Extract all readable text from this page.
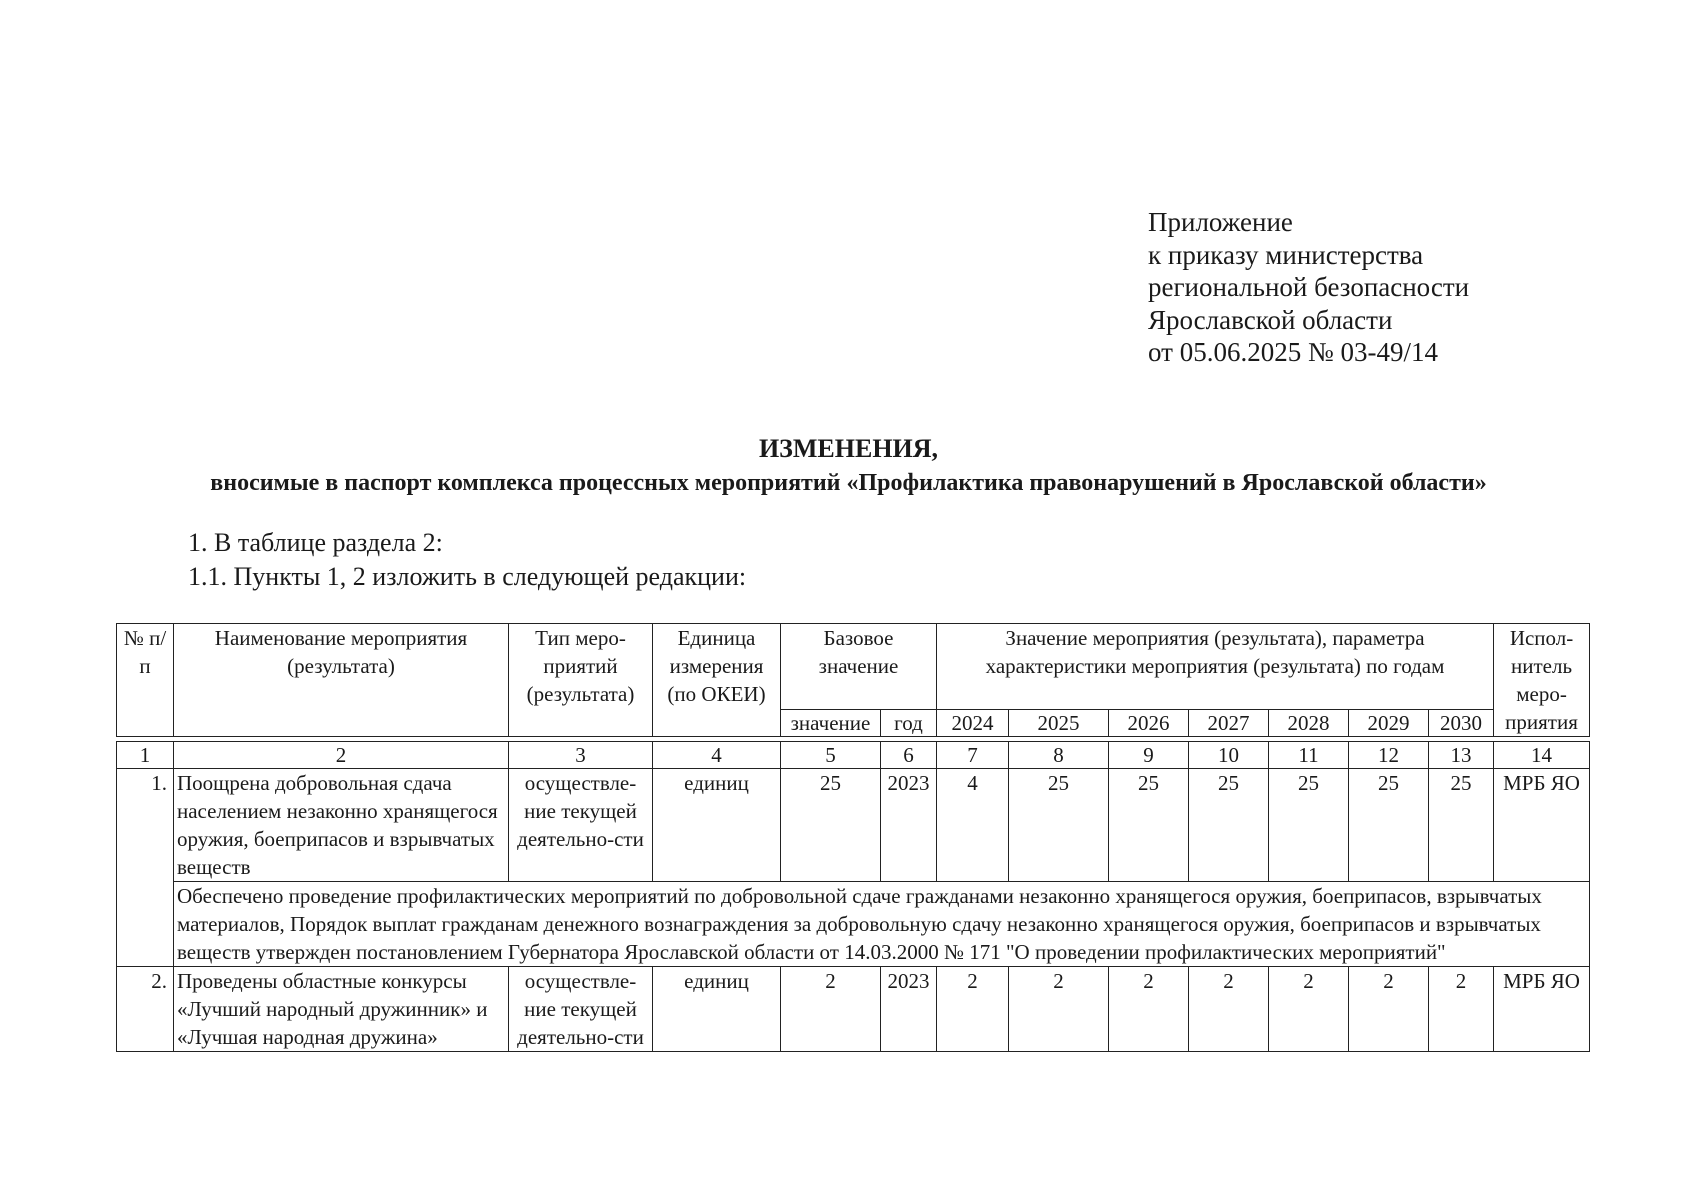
Приложение
к приказу министерства
региональной безопасности
Ярославской области
от 05.06.2025 № 03-49/14
ИЗМЕНЕНИЯ,
вносимые в паспорт комплекса процессных мероприятий «Профилактика правонарушений в Ярославской области»
1. В таблице раздела 2:
1.1. Пункты 1, 2 изложить в следующей редакции:
№ п/п	Наименование мероприятия (результата)	Тип меро-приятий (результата)	Единица измерения (по ОКЕИ)	Базовое значение		Значение мероприятия (результата), параметра характеристики мероприятия (результата) по годам							Испол-нитель меро-приятия
				значение	год	2024	2025	2026	2027	2028	2029	2030	

1	2	3	4	5	6	7	8	9	10	11	12	13	14
1.	Поощрена добровольная сдача населением незаконно хранящегося оружия, боеприпасов и взрывчатых веществ	осуществле-ние текущей деятельно-сти	единиц	25	2023	4	25	25	25	25	25	25	МРБ ЯО
	Обеспечено проведение профилактических мероприятий по добровольной сдаче гражданами незаконно хранящегося оружия, боеприпасов, взрывчатых материалов, Порядок выплат гражданам денежного вознаграждения за добровольную сдачу незаконно хранящегося оружия, боеприпасов и взрывчатых веществ утвержден постановлением Губернатора Ярославской области от 14.03.2000 № 171 "О проведении профилактических мероприятий"												
2.	Проведены областные конкурсы «Лучший народный дружинник» и «Лучшая народная дружина»	осуществле-ние текущей деятельно-сти	единиц	2	2023	2	2	2	2	2	2	2	МРБ ЯО
